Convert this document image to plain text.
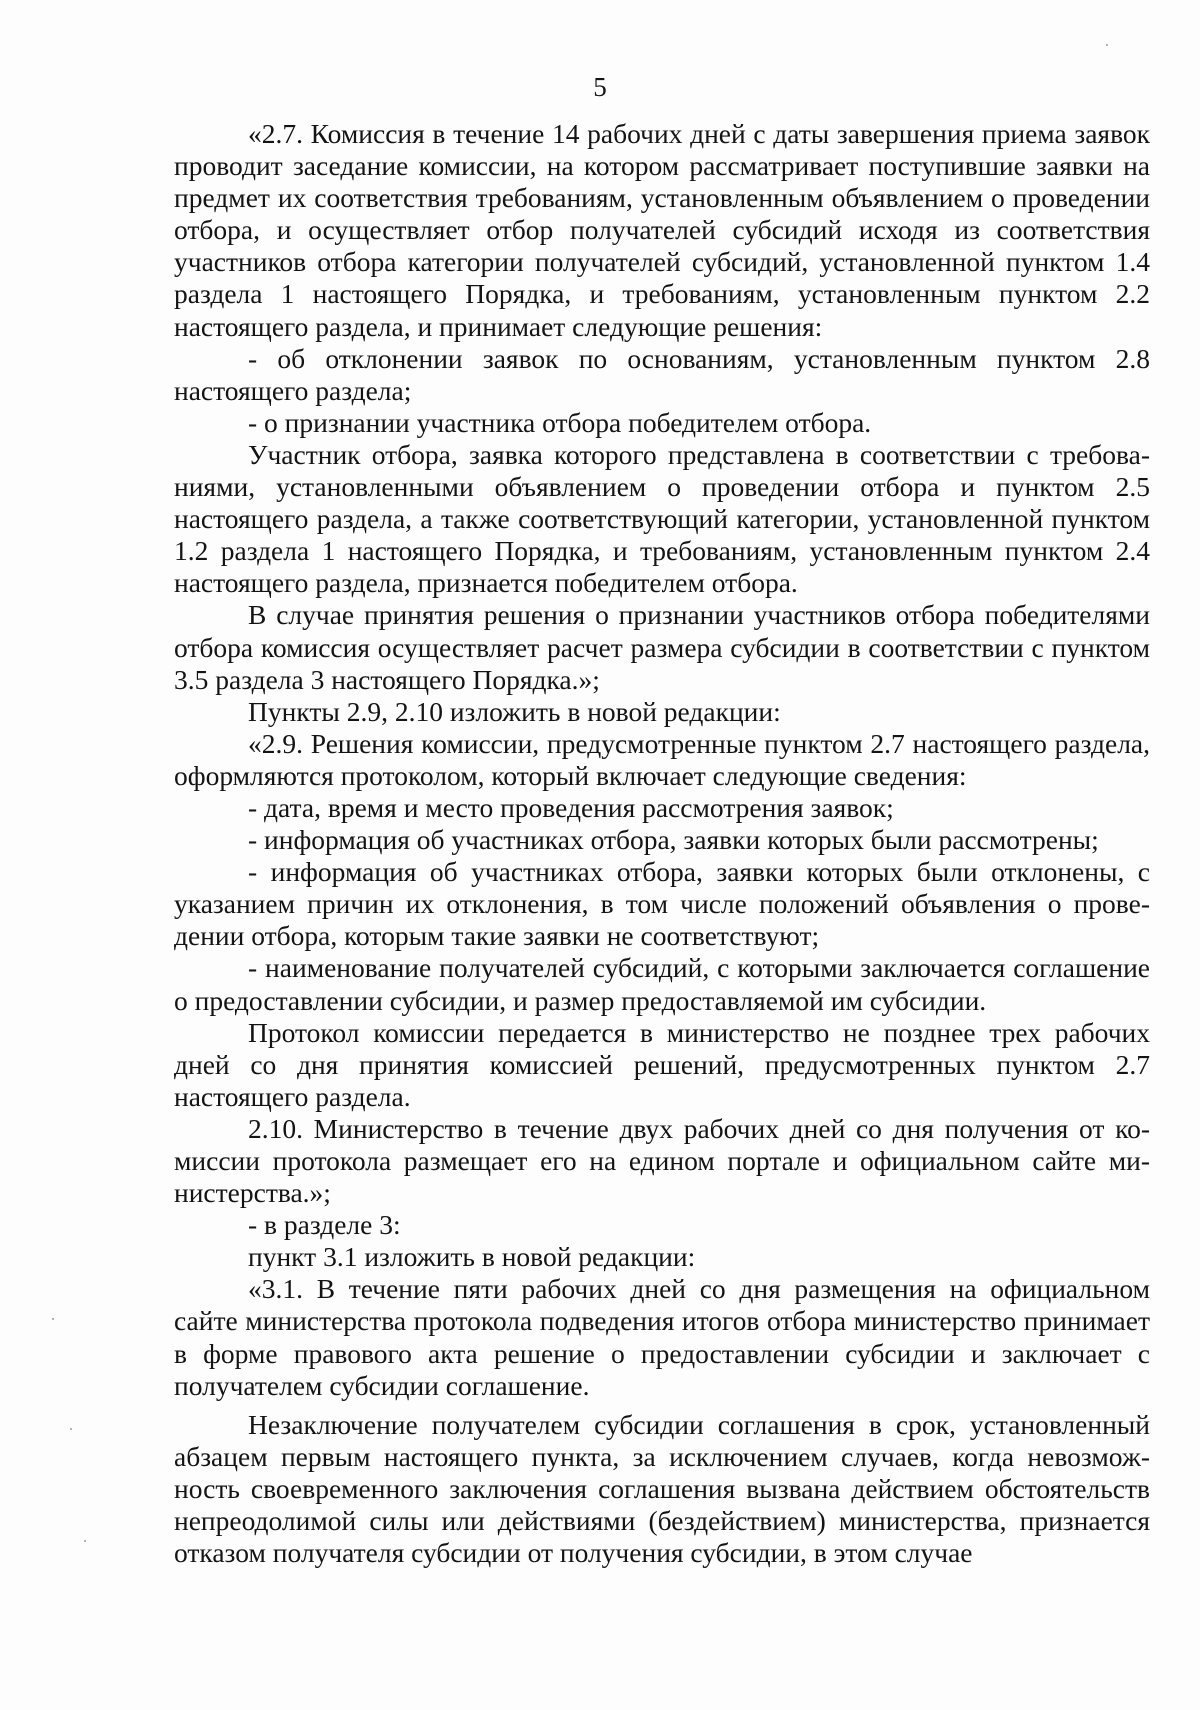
5

«2.7. Комиссия в течение 14 рабочих дней с даты завершения приема заявок проводит заседание комиссии, на котором рассматривает поступившие заявки на предмет их соответствия требованиям, установленным объявлением о проведении отбора, и осуществляет отбор получателей субсидий исходя из соответствия участников отбора категории получателей субсидий, установленной пунктом 1.4 раздела 1 настоящего Порядка, и требованиям, установленным пунктом 2.2 настоящего раздела, и принимает следующие решения:

- об отклонении заявок по основаниям, установленным пунктом 2.8 настоящего раздела;

- о признании участника отбора победителем отбора.

Участник отбора, заявка которого представлена в соответствии с требованиями, установленными объявлением о проведении отбора и пунктом 2.5 настоящего раздела, а также соответствующий категории, установленной пунктом 1.2 раздела 1 настоящего Порядка, и требованиям, установленным пунктом 2.4 настоящего раздела, признается победителем отбора.

В случае принятия решения о признании участников отбора победителями отбора комиссия осуществляет расчет размера субсидии в соответствии с пунктом 3.5 раздела 3 настоящего Порядка.»;

Пункты 2.9, 2.10 изложить в новой редакции:

«2.9. Решения комиссии, предусмотренные пунктом 2.7 настоящего раздела, оформляются протоколом, который включает следующие сведения:

- дата, время и место проведения рассмотрения заявок;

- информация об участниках отбора, заявки которых были рассмотрены;

- информация об участниках отбора, заявки которых были отклонены, с указанием причин их отклонения, в том числе положений объявления о проведении отбора, которым такие заявки не соответствуют;

- наименование получателей субсидий, с которыми заключается соглашение о предоставлении субсидии, и размер предоставляемой им субсидии.

Протокол комиссии передается в министерство не позднее трех рабочих дней со дня принятия комиссией решений, предусмотренных пунктом 2.7 настоящего раздела.

2.10. Министерство в течение двух рабочих дней со дня получения от комиссии протокола размещает его на едином портале и официальном сайте министерства.»;

- в разделе 3:

пункт 3.1 изложить в новой редакции:

«3.1. В течение пяти рабочих дней со дня размещения на официальном сайте министерства протокола подведения итогов отбора министерство принимает в форме правового акта решение о предоставлении субсидии и заключает с получателем субсидии соглашение.

Незаключение получателем субсидии соглашения в срок, установленный абзацем первым настоящего пункта, за исключением случаев, когда невозможность своевременного заключения соглашения вызвана действием обстоятельств непреодолимой силы или действиями (бездействием) министерства, признается отказом получателя субсидии от получения субсидии, в этом случае
